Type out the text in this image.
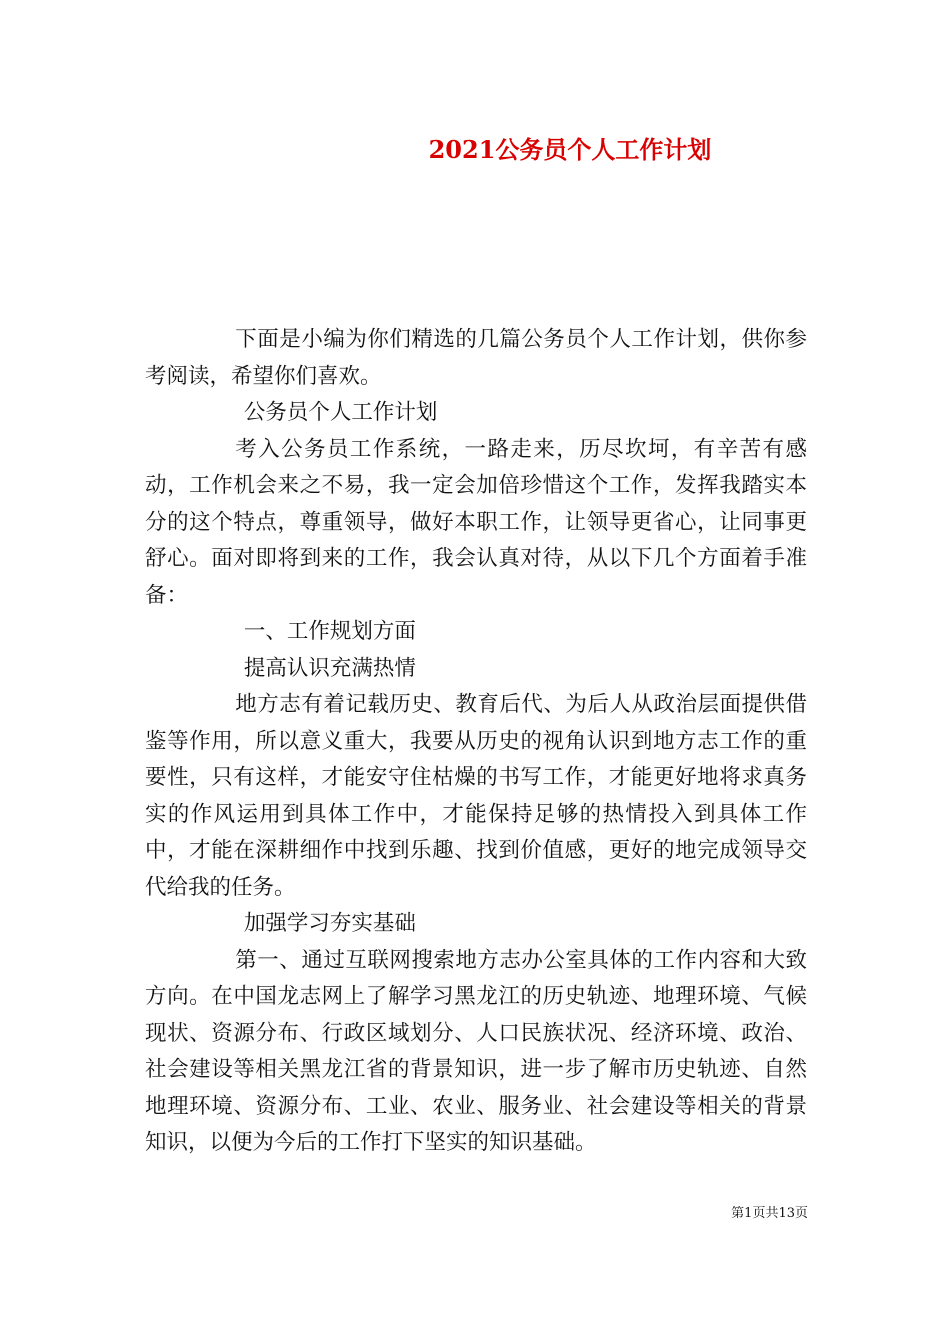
2021公务员个人工作计划

下面是小编为你们精选的几篇公务员个人工作计划，供你参考阅读，希望你们喜欢。

公务员个人工作计划

考入公务员工作系统，一路走来，历尽坎坷，有辛苦有感动，工作机会来之不易，我一定会加倍珍惜这个工作，发挥我踏实本分的这个特点，尊重领导，做好本职工作，让领导更省心，让同事更舒心。面对即将到来的工作，我会认真对待，从以下几个方面着手准备：

一、工作规划方面

提高认识充满热情

地方志有着记载历史、教育后代、为后人从政治层面提供借鉴等作用，所以意义重大，我要从历史的视角认识到地方志工作的重要性，只有这样，才能安守住枯燥的书写工作，才能更好地将求真务实的作风运用到具体工作中，才能保持足够的热情投入到具体工作中，才能在深耕细作中找到乐趣、找到价值感，更好的地完成领导交代给我的任务。

加强学习夯实基础

第一、通过互联网搜索地方志办公室具体的工作内容和大致方向。在中国龙志网上了解学习黑龙江的历史轨迹、地理环境、气候现状、资源分布、行政区域划分、人口民族状况、经济环境、政治、社会建设等相关黑龙江省的背景知识，进一步了解市历史轨迹、自然地理环境、资源分布、工业、农业、服务业、社会建设等相关的背景知识，以便为今后的工作打下坚实的知识基础。

第1页共13页
